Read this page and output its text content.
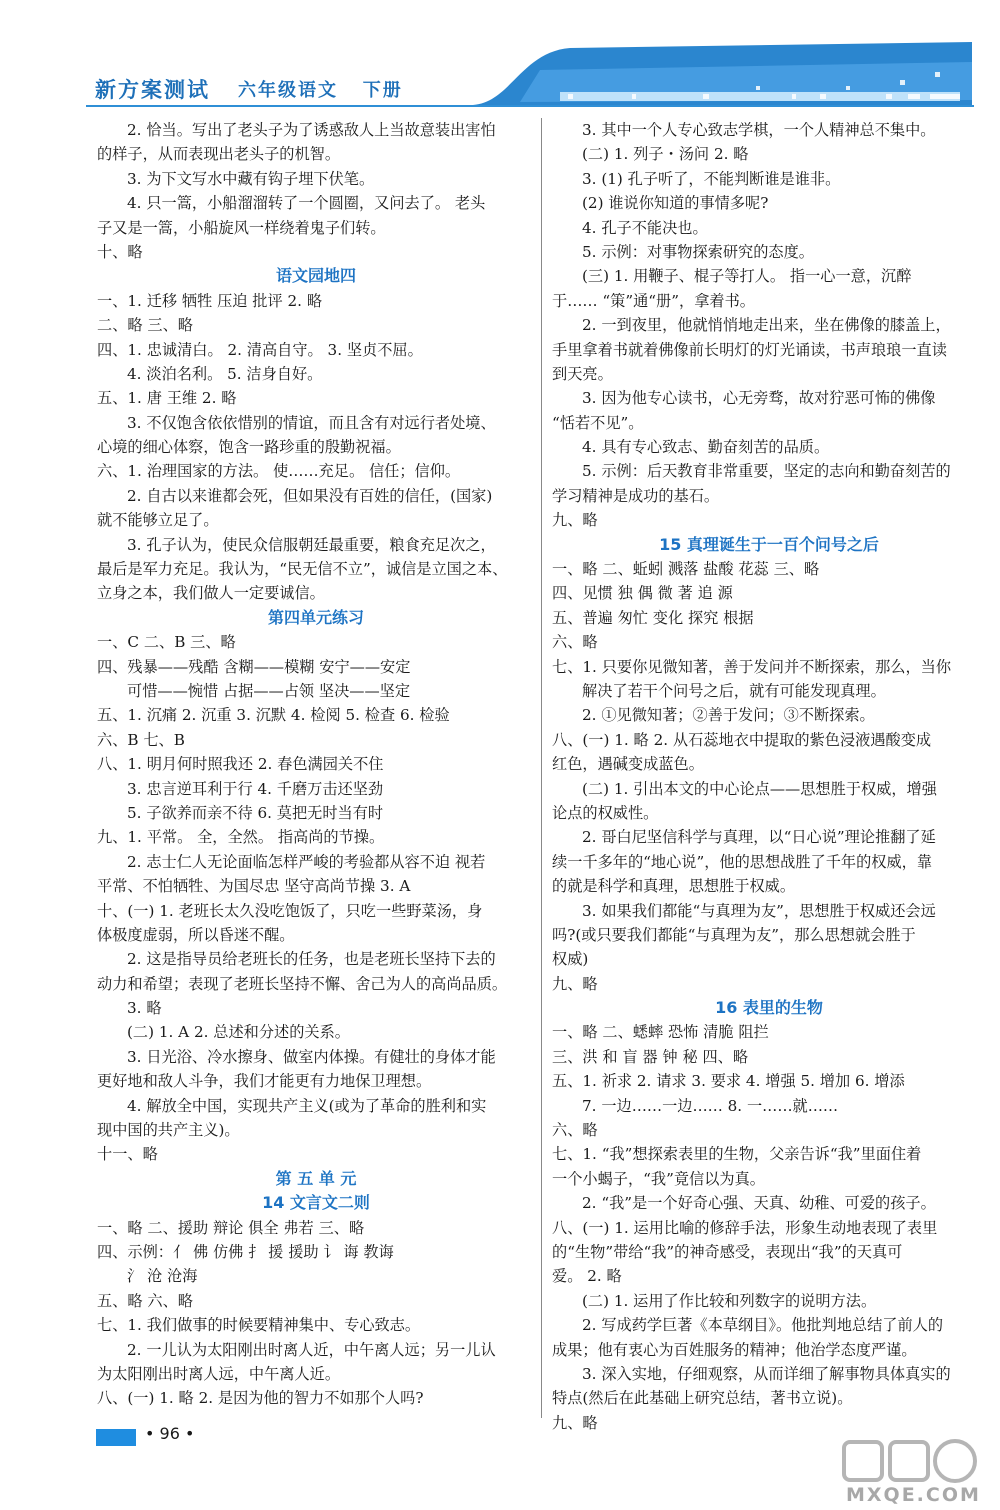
新方案测试 六年级语文   下册
2. 恰当。写出了老头子为了诱惑敌人上当故意装出害怕
的样子，从而表现出老头子的机智。
3. 为下文写水中藏有钩子埋下伏笔。
4. 只一篙，小船溜溜转了一个圆圈，又问去了。 老头
子又是一篙，小船旋风一样绕着鬼子们转。
十、略
语文园地四
一、1. 迁移 牺牲 压迫 批评 2. 略
二、略 三、略
四、1. 忠诚清白。 2. 清高自守。 3. 坚贞不屈。
4. 淡泊名利。 5. 洁身自好。
五、1. 唐 王维 2. 略
3. 不仅饱含依依惜别的情谊，而且含有对远行者处境、
心境的细心体察，饱含一路珍重的殷勤祝福。
六、1. 治理国家的方法。 使……充足。 信任；信仰。
2. 自古以来谁都会死，但如果没有百姓的信任，(国家)
就不能够立足了。
3. 孔子认为，使民众信服朝廷最重要，粮食充足次之，
最后是军力充足。我认为，“民无信不立”，诚信是立国之本、
立身之本，我们做人一定要诚信。
第四单元练习
一、C 二、B 三、略
四、残暴——残酷 含糊——模糊 安宁——安定
可惜——惋惜 占据——占领 坚决——坚定
五、1. 沉痛 2. 沉重 3. 沉默 4. 检阅 5. 检查 6. 检验
六、B 七、B
八、1. 明月何时照我还 2. 春色满园关不住
3. 忠言逆耳利于行 4. 千磨万击还坚劲
5. 子欲养而亲不待 6. 莫把无时当有时
九、1. 平常。 全，全然。 指高尚的节操。
2. 志士仁人无论面临怎样严峻的考验都从容不迫 视若
平常、不怕牺牲、为国尽忠 坚守高尚节操 3. A
十、(一) 1. 老班长太久没吃饱饭了，只吃一些野菜汤，身
体极度虚弱，所以昏迷不醒。
2. 这是指导员给老班长的任务，也是老班长坚持下去的
动力和希望；表现了老班长坚持不懈、舍己为人的高尚品质。
3. 略
(二) 1. A 2. 总述和分述的关系。
3. 日光浴、冷水擦身、做室内体操。有健壮的身体才能
更好地和敌人斗争，我们才能更有力地保卫理想。
4. 解放全中国，实现共产主义(或为了革命的胜利和实
现中国的共产主义)。
十一、略
第 五 单 元
14 文言文二则
一、略 二、援助 辩论 俱全 弗若 三、略
四、示例：亻 佛 仿佛 扌 援 援助 讠 诲 教诲
氵 沧 沧海
五、略 六、略
七、1. 我们做事的时候要精神集中、专心致志。
2. 一儿认为太阳刚出时离人近，中午离人远；另一儿认
为太阳刚出时离人远，中午离人近。
八、(一) 1. 略 2. 是因为他的智力不如那个人吗?
3. 其中一个人专心致志学棋，一个人精神总不集中。
(二) 1. 列子・汤问 2. 略
3. (1) 孔子听了，不能判断谁是谁非。
(2) 谁说你知道的事情多呢?
4. 孔子不能决也。
5. 示例：对事物探索研究的态度。
(三) 1. 用鞭子、棍子等打人。 指一心一意，沉醉
于…… “策”通“册”，拿着书。
2. 一到夜里，他就悄悄地走出来，坐在佛像的膝盖上，
手里拿着书就着佛像前长明灯的灯光诵读，书声琅琅一直读
到天亮。
3. 因为他专心读书，心无旁骛，故对狞恶可怖的佛像
“恬若不见”。
4. 具有专心致志、勤奋刻苦的品质。
5. 示例：后天教育非常重要，坚定的志向和勤奋刻苦的
学习精神是成功的基石。
九、略
15 真理诞生于一百个问号之后
一、略 二、蚯蚓 溅落 盐酸 花蕊 三、略
四、见惯 独 偶 微 著 追 源
五、普遍 匆忙 变化 探究 根据
六、略
七、1. 只要你见微知著，善于发问并不断探索，那么，当你
解决了若干个问号之后，就有可能发现真理。
2. ①见微知著；②善于发问；③不断探索。
八、(一) 1. 略 2. 从石蕊地衣中提取的紫色浸液遇酸变成
红色，遇碱变成蓝色。
(二) 1. 引出本文的中心论点——思想胜于权威，增强
论点的权威性。
2. 哥白尼坚信科学与真理，以“日心说”理论推翻了延
续一千多年的“地心说”，他的思想战胜了千年的权威，靠
的就是科学和真理，思想胜于权威。
3. 如果我们都能“与真理为友”，思想胜于权威还会远
吗?(或只要我们都能“与真理为友”，那么思想就会胜于
权威)
九、略
16 表里的生物
一、略 二、蟋蟀 恐怖 清脆 阻拦
三、洪 和 盲 器 钟 秘 四、略
五、1. 祈求 2. 请求 3. 要求 4. 增强 5. 增加 6. 增添
7. 一边……一边…… 8. 一……就……
六、略
七、1. “我”想探索表里的生物，父亲告诉“我”里面住着
一个小蝎子，“我”竟信以为真。
2. “我”是一个好奇心强、天真、幼稚、可爱的孩子。
八、(一) 1. 运用比喻的修辞手法，形象生动地表现了表里
的“生物”带给“我”的神奇感受，表现出“我”的天真可
爱。 2. 略
(二) 1. 运用了作比较和列数字的说明方法。
2. 写成药学巨著《本草纲目》。他批判地总结了前人的
成果；他有衷心为百姓服务的精神；他治学态度严谨。
3. 深入实地，仔细观察，从而详细了解事物具体真实的
特点(然后在此基础上研究总结，著书立说)。
九、略
• 96 •
MXQE.COM
